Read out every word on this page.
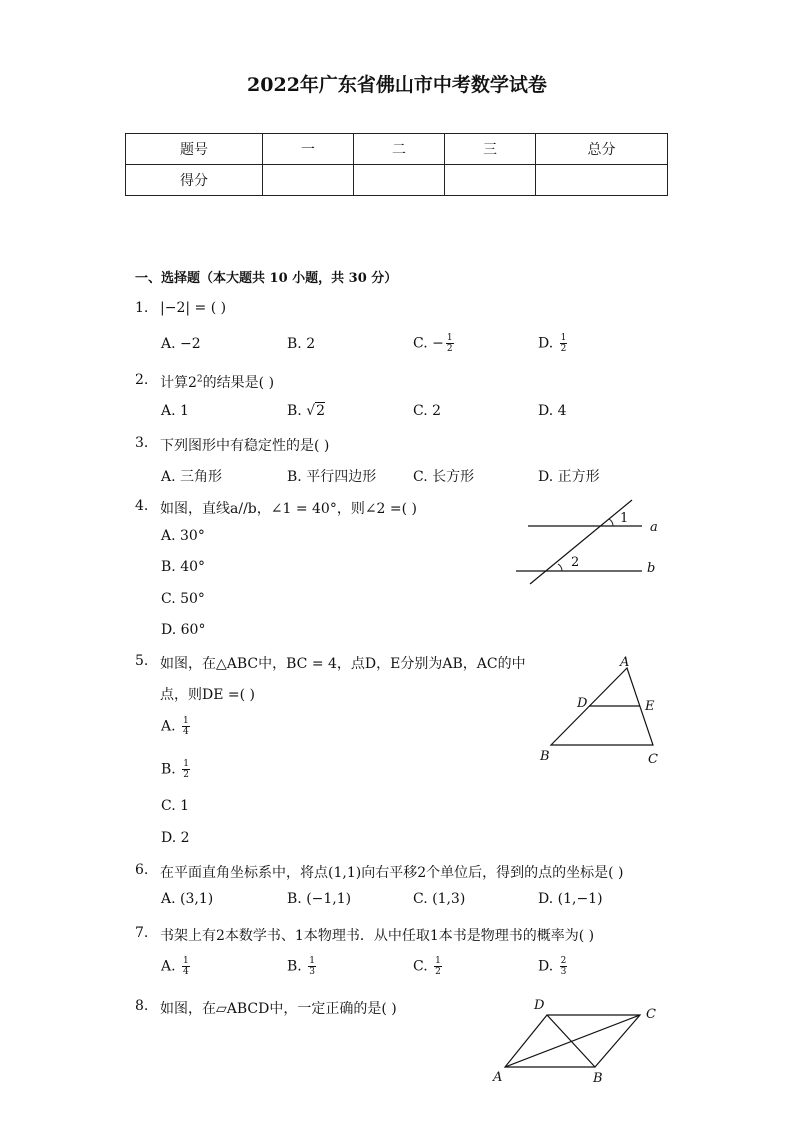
2022年广东省佛山市中考数学试卷
题号	一	二	三	总分
得分				
一、选择题（本大题共 10 小题，共 30 分）
1. |−2| = ( )
A. −2	B. 2	C. − $\frac{1}{2}$	D. $\frac{1}{2}$
2. 计算$2^2$的结果是( )
A. 1	B. √2	C. 2	D. 4
3. 下列图形中有稳定性的是( )
A. 三角形	B. 平行四边形	C. 长方形	D. 正方形
4. 如图，直线a//b，∠1 = 40°，则∠2 =( )
A. 30°
B. 40°
C. 50°
D. 60°
1
2
a
b
5. 如图，在△ABC中，BC = 4，点D，E分别为AB，AC的中
点，则DE =( )
A. $\frac{1}{4}$
B. $\frac{1}{2}$
C. 1
D. 2
A
B	C
D	E
6. 在平面直角坐标系中，将点(1,1)向右平移2个单位后，得到的点的坐标是( )
A. (3,1)	B. (−1,1)	C. (1,3)	D. (1,−1)
7. 书架上有2本数学书、1本物理书．从中任取1本书是物理书的概率为( )
A. $\frac{1}{4}$	B. $\frac{1}{3}$	C. $\frac{1}{2}$	D. $\frac{2}{3}$
8. 如图，在▱ABCD中，一定正确的是( )
A	B
C
D
